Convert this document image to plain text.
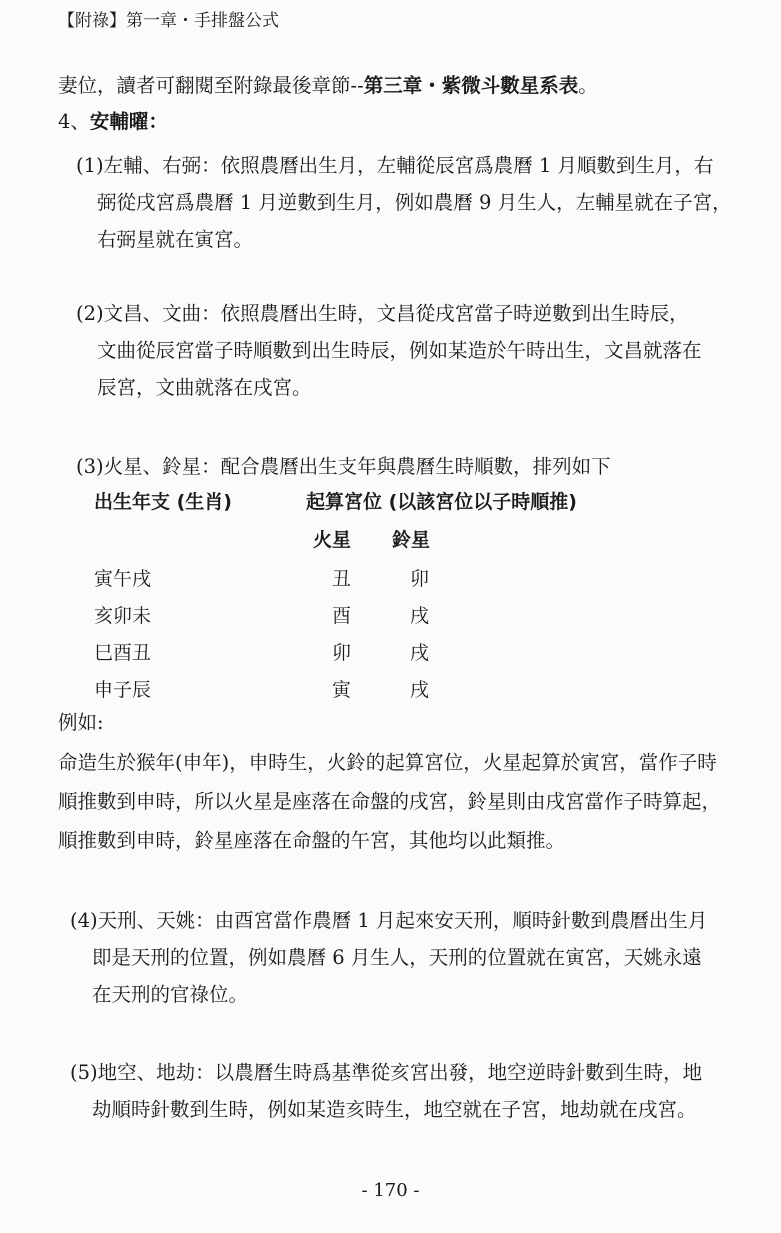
【附祿】第一章・手排盤公式
妻位，讀者可翻閱至附錄最後章節--第三章・紫微斗數星系表。
4、安輔曜：
(1)左輔、右弼：依照農曆出生月，左輔從辰宮爲農曆 1 月順數到生月，右
弼從戌宮爲農曆 1 月逆數到生月，例如農曆 9 月生人，左輔星就在子宮，
右弼星就在寅宮。
(2)文昌、文曲：依照農曆出生時，文昌從戌宮當子時逆數到出生時辰，
文曲從辰宮當子時順數到出生時辰，例如某造於午時出生，文昌就落在
辰宮，文曲就落在戌宮。
(3)火星、鈴星：配合農曆出生支年與農曆生時順數，排列如下
出生年支 (生肖)	起算宮位 (以該宮位以子時順推)
火星 鈴星
寅午戌	丑	卯
亥卯未	酉	戌
巳酉丑	卯	戌
申子辰	寅	戌
例如:
命造生於猴年(申年)，申時生，火鈴的起算宮位，火星起算於寅宮，當作子時
順推數到申時，所以火星是座落在命盤的戌宮，鈴星則由戌宮當作子時算起，
順推數到申時，鈴星座落在命盤的午宮，其他均以此類推。
(4)天刑、天姚：由酉宮當作農曆 1 月起來安天刑，順時針數到農曆出生月
即是天刑的位置，例如農曆 6 月生人，天刑的位置就在寅宮，天姚永遠
在天刑的官祿位。
(5)地空、地劫：以農曆生時爲基準從亥宮出發，地空逆時針數到生時，地
劫順時針數到生時，例如某造亥時生，地空就在子宮，地劫就在戌宮。
- 170 -
